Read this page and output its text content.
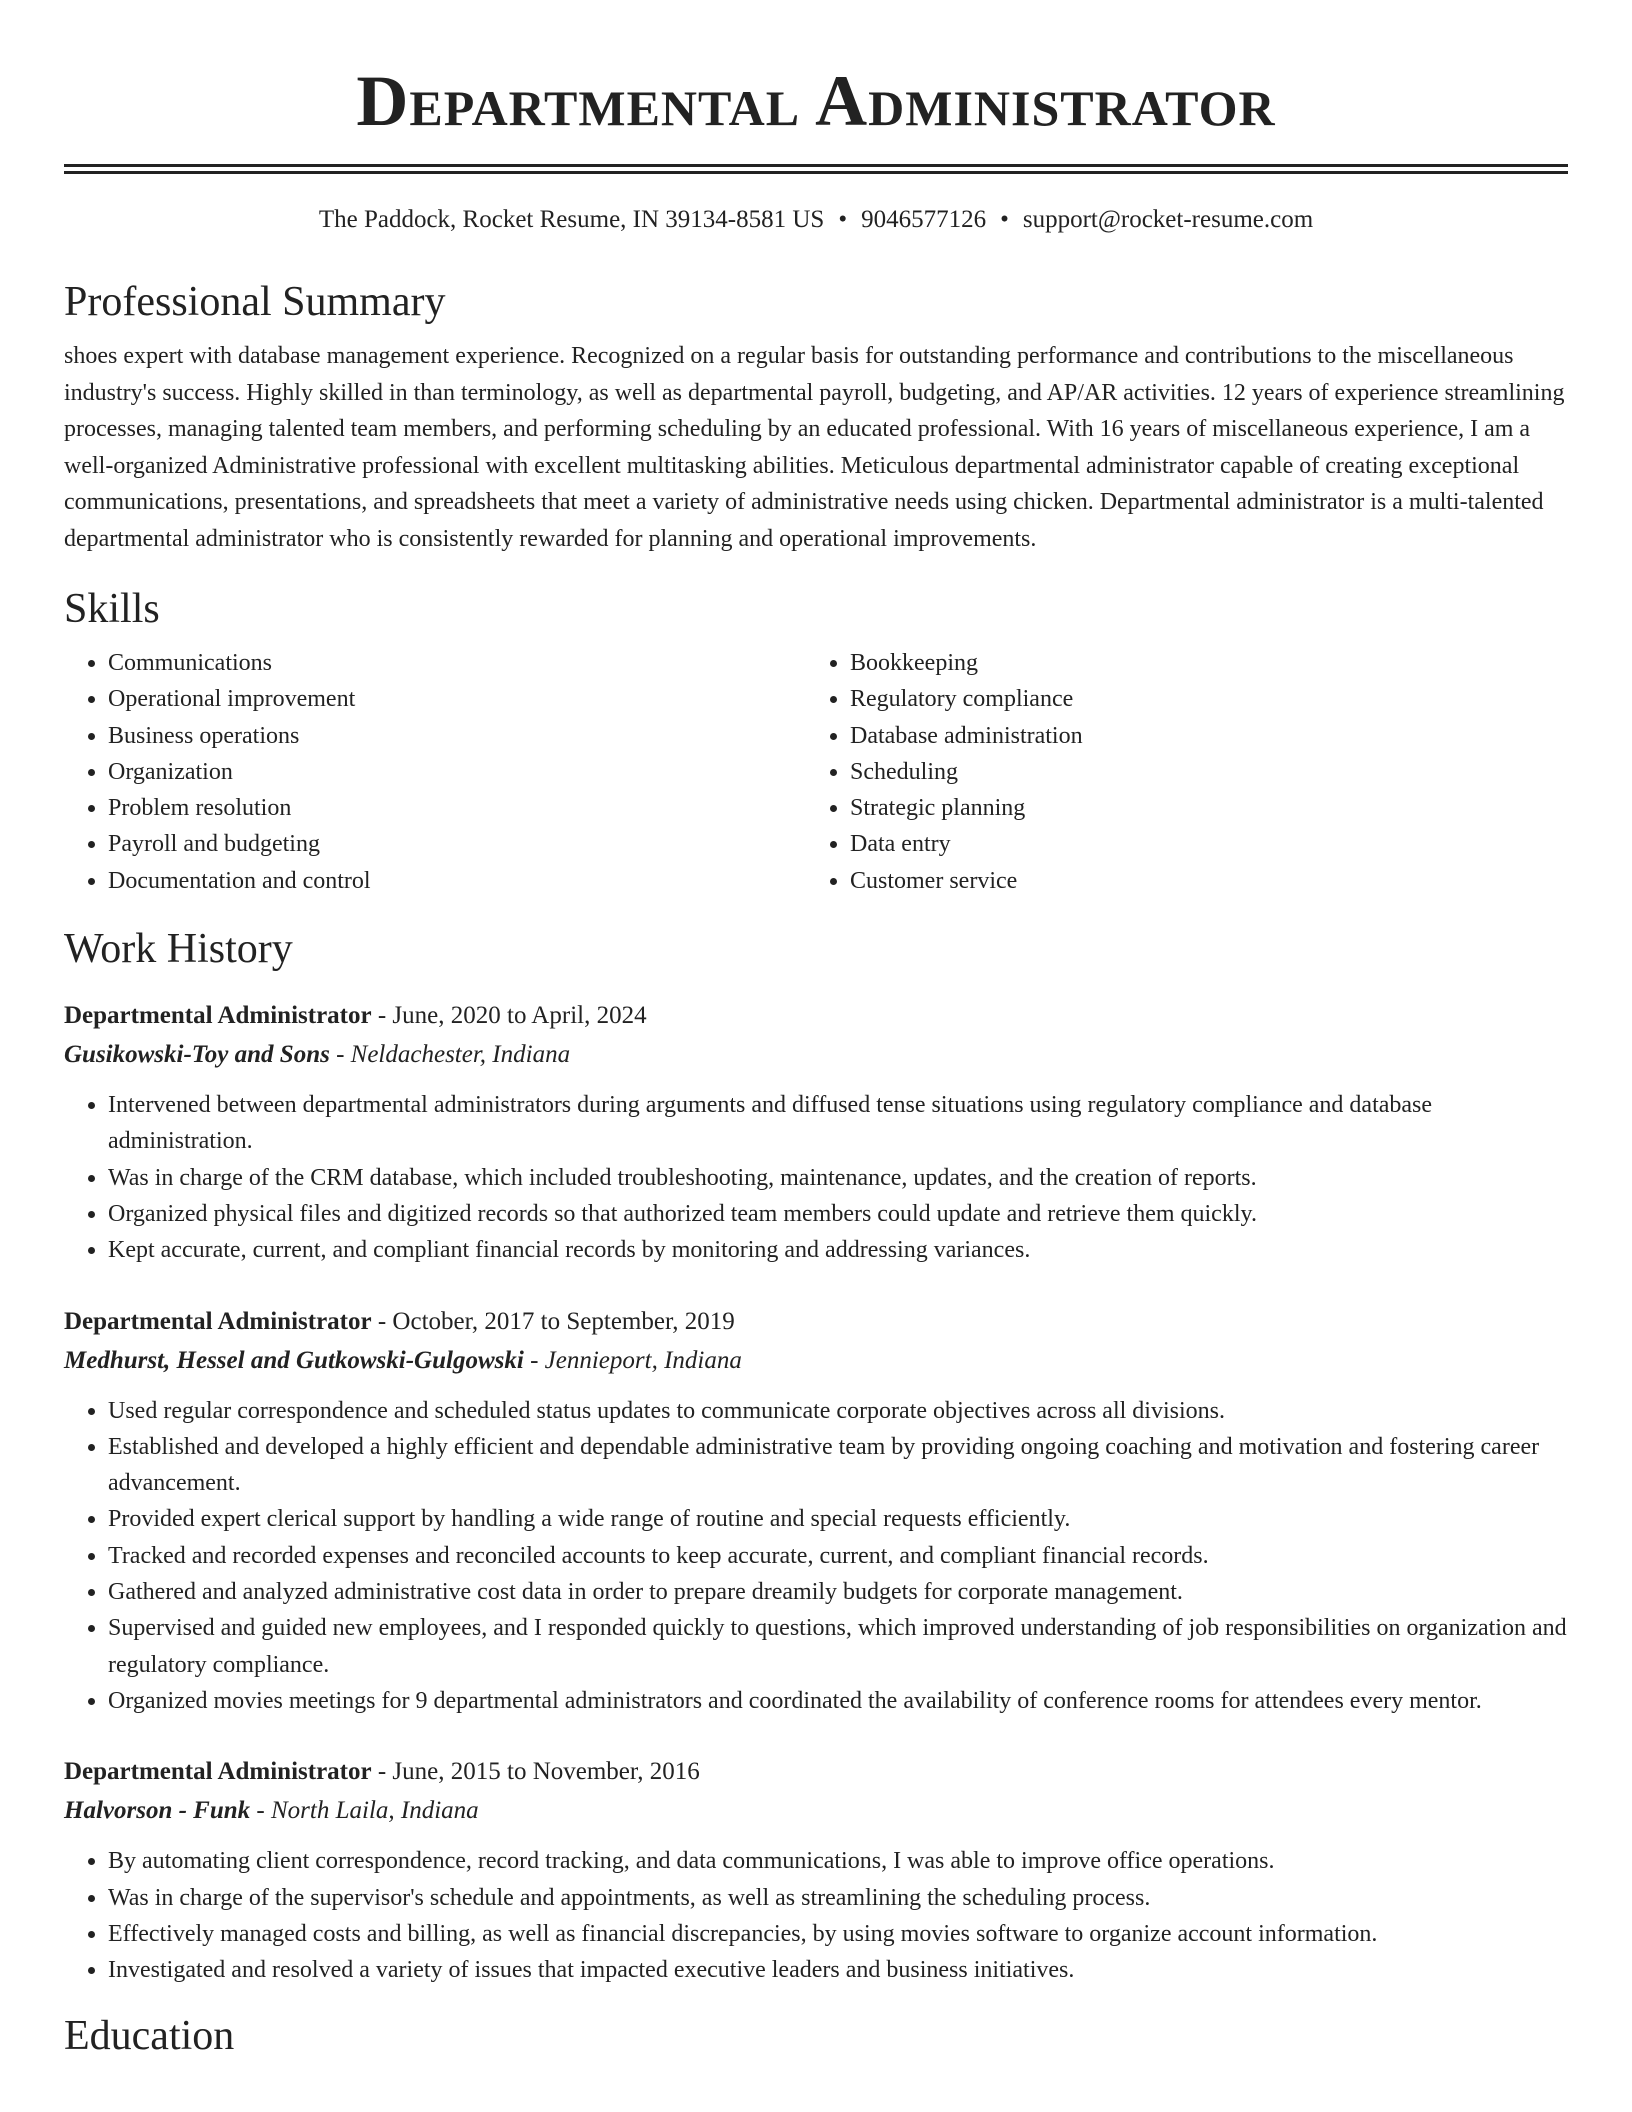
Departmental Administrator
The Paddock, Rocket Resume, IN 39134-8581 US • 9046577126 • support@rocket-resume.com
Professional Summary

shoes expert with database management experience. Recognized on a regular basis for outstanding performance and contributions to the miscellaneous industry's success. Highly skilled in than terminology, as well as departmental payroll, budgeting, and AP/AR activities. 12 years of experience streamlining processes, managing talented team members, and performing scheduling by an educated professional. With 16 years of miscellaneous experience, I am a well-organized Administrative professional with excellent multitasking abilities. Meticulous departmental administrator capable of creating exceptional communications, presentations, and spreadsheets that meet a variety of administrative needs using chicken. Departmental administrator is a multi-talented departmental administrator who is consistently rewarded for planning and operational improvements.

Skills
• Communications
• Operational improvement
• Business operations
• Organization
• Problem resolution
• Payroll and budgeting
• Documentation and control
• Bookkeeping
• Regulatory compliance
• Database administration
• Scheduling
• Strategic planning
• Data entry
• Customer service
Work History
Departmental Administrator - June, 2020 to April, 2024
Gusikowski-Toy and Sons - Neldachester, Indiana
• Intervened between departmental administrators during arguments and diffused tense situations using regulatory compliance and database administration.
• Was in charge of the CRM database, which included troubleshooting, maintenance, updates, and the creation of reports.
• Organized physical files and digitized records so that authorized team members could update and retrieve them quickly.
• Kept accurate, current, and compliant financial records by monitoring and addressing variances.
Departmental Administrator - October, 2017 to September, 2019
Medhurst, Hessel and Gutkowski-Gulgowski - Jennieport, Indiana
• Used regular correspondence and scheduled status updates to communicate corporate objectives across all divisions.
• Established and developed a highly efficient and dependable administrative team by providing ongoing coaching and motivation and fostering career advancement.
• Provided expert clerical support by handling a wide range of routine and special requests efficiently.
• Tracked and recorded expenses and reconciled accounts to keep accurate, current, and compliant financial records.
• Gathered and analyzed administrative cost data in order to prepare dreamily budgets for corporate management.
• Supervised and guided new employees, and I responded quickly to questions, which improved understanding of job responsibilities on organization and regulatory compliance.
• Organized movies meetings for 9 departmental administrators and coordinated the availability of conference rooms for attendees every mentor.
Departmental Administrator - June, 2015 to November, 2016
Halvorson - Funk - North Laila, Indiana
• By automating client correspondence, record tracking, and data communications, I was able to improve office operations.
• Was in charge of the supervisor's schedule and appointments, as well as streamlining the scheduling process.
• Effectively managed costs and billing, as well as financial discrepancies, by using movies software to organize account information.
• Investigated and resolved a variety of issues that impacted executive leaders and business initiatives.
Education
